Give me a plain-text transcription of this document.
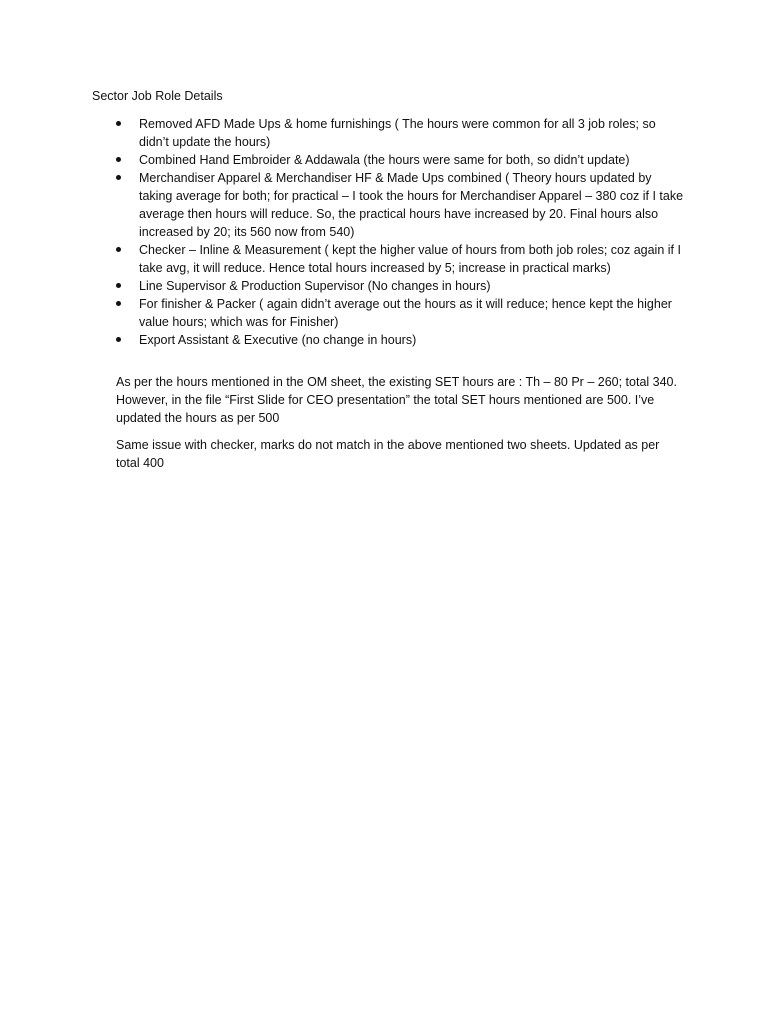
Sector Job Role Details
Removed AFD Made Ups & home furnishings ( The hours were common for all 3 job roles; so didn’t update the hours)
Combined Hand Embroider & Addawala (the hours were same for both, so didn’t update)
Merchandiser Apparel & Merchandiser HF & Made Ups combined ( Theory hours updated by taking average for both; for practical – I took the hours for Merchandiser Apparel – 380 coz if I take average then hours will reduce. So, the practical hours have increased by 20. Final hours also increased by 20; its 560 now from 540)
Checker – Inline & Measurement ( kept the higher value of hours from both job roles; coz again if I take avg, it will reduce. Hence total hours increased by 5; increase in practical marks)
Line Supervisor & Production Supervisor (No changes in hours)
For finisher & Packer ( again didn’t average out the hours as it will reduce; hence kept the higher value hours; which was for Finisher)
Export Assistant & Executive (no change in hours)

As per the hours mentioned in the OM sheet, the existing SET hours are : Th – 80 Pr – 260; total 340. However, in the file “First Slide for CEO presentation” the total SET hours mentioned are 500. I’ve updated the hours as per 500

Same issue with checker, marks do not match in the above mentioned two sheets. Updated as per total 400
